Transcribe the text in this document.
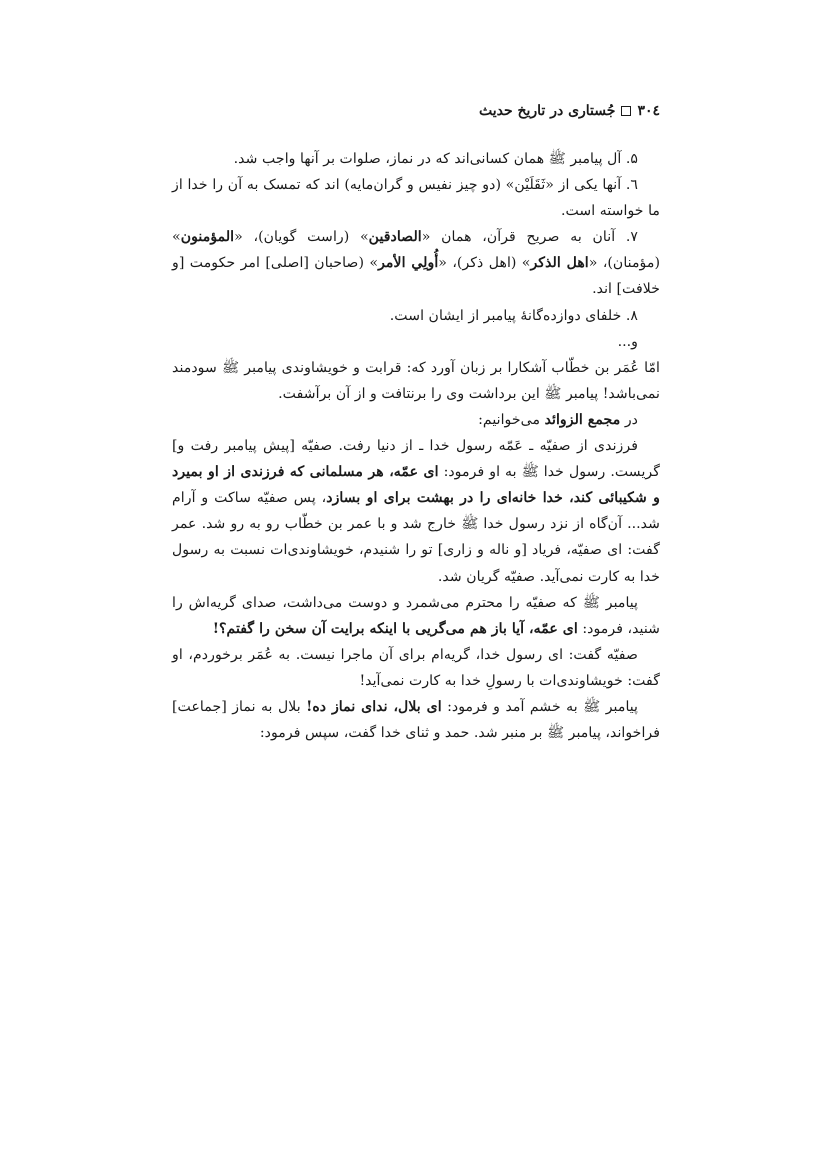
٣٠٤
جُستاری در تاریخ حدیث

۵. آل پیامبر ﷺ همان کسانی‌اند که در نماز، صلوات بر آنها واجب شد.

٦. آنها یکی از «ثَقَلَیْن» (دو چیز نفیس و گران‌مایه) اند که تمسک به آن را خدا از ما خواسته است.

٧. آنان به صریح قرآن، همان «الصادقین» (راست گویان)، «المؤمنون» (مؤمنان)، «اهل الذکر» (اهل ذکر)، «أُولِي الأمر» (صاحبان [اصلی] امر حکومت [و خلافت] اند.

٨. خلفای دوازده‌گانۀ پیامبر از ایشان است.

و...

امّا عُمَر بن خطّاب آشکارا بر زبان آورد که: قرابت و خویشاوندی پیامبر ﷺ سودمند نمی‌باشد! پیامبر ﷺ این برداشت وی را برنتافت و از آن برآشفت.

در مجمع الزوائد می‌خوانیم:

فرزندی از صفیّه ـ عَمّه رسول خدا ـ از دنیا رفت. صفیّه [پیش پیامبر رفت و] گریست. رسول خدا ﷺ به او فرمود: ای عمّه، هر مسلمانی که فرزندی از او بمیرد و شکیبائی کند، خدا خانه‌ای را در بهشت برای او بسازد، پس صفیّه ساکت و آرام شد... آن‌گاه از نزد رسول خدا ﷺ خارج شد و با عمر بن خطّاب رو به رو شد. عمر گفت: ای صفیّه، فریاد [و ناله و زاری] تو را شنیدم، خویشاوندی‌ات نسبت به رسول خدا به کارت نمی‌آید. صفیّه گریان شد.

پیامبر ﷺ که صفیّه را محترم می‌شمرد و دوست می‌داشت، صدای گریه‌اش را شنید، فرمود: ای عمّه، آیا باز هم می‌گریی با اینکه برایت آن سخن را گفتم؟!

صفیّه گفت: ای رسول خدا، گریه‌ام برای آن ماجرا نیست. به عُمَر برخوردم، او گفت: خویشاوندی‌ات با رسولِ خدا به کارت نمی‌آید!

پیامبر ﷺ به خشم آمد و فرمود: ای بلال، ندای نماز ده! بلال به نماز [جماعت] فراخواند، پیامبر ﷺ بر منبر شد. حمد و ثنای خدا گفت، سپس فرمود:
